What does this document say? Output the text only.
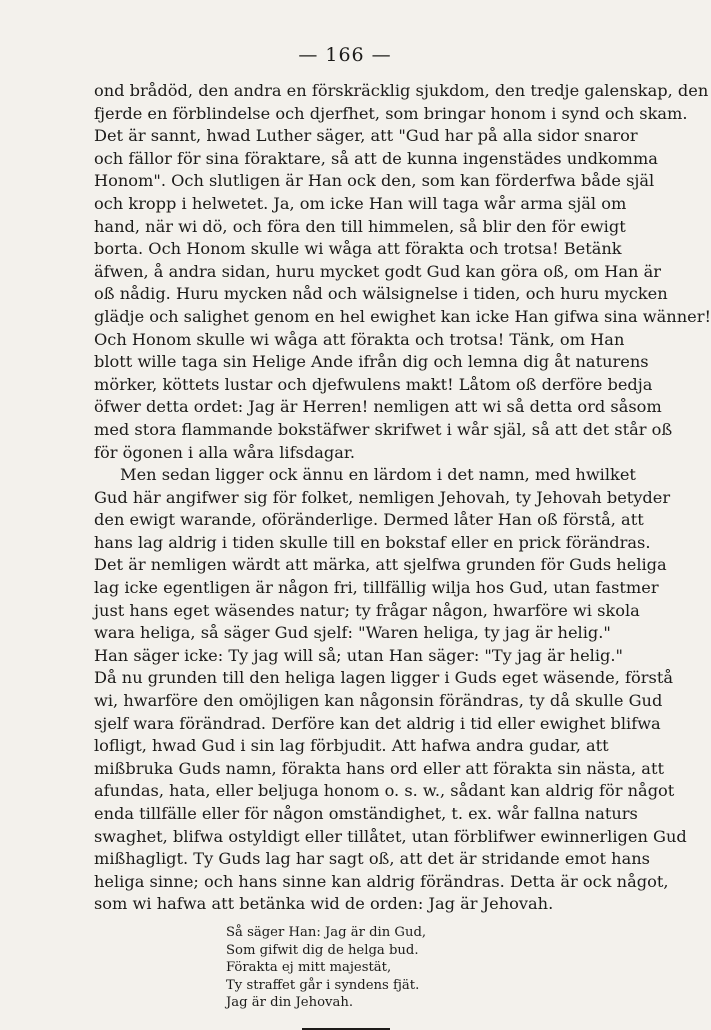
— 166 —
ond brådöd, den andra en förskräcklig sjukdom, den tredje galenskap, den
fjerde en förblindelse och djerfhet, som bringar honom i synd och skam.
Det är sannt, hwad Luther säger, att "Gud har på alla sidor snaror
och fällor för sina föraktare, så att de kunna ingenstädes undkomma
Honom". Och slutligen är Han ock den, som kan förderfwa både själ
och kropp i helwetet. Ja, om icke Han will taga wår arma själ om
hand, när wi dö, och föra den till himmelen, så blir den för ewigt
borta. Och Honom skulle wi wåga att förakta och trotsa! Betänk
äfwen, å andra sidan, huru mycket godt Gud kan göra oß, om Han är
oß nådig. Huru mycken nåd och wälsignelse i tiden, och huru mycken
glädje och salighet genom en hel ewighet kan icke Han gifwa sina wänner!
Och Honom skulle wi wåga att förakta och trotsa! Tänk, om Han
blott wille taga sin Helige Ande ifrån dig och lemna dig åt naturens
mörker, köttets lustar och djefwulens makt! Låtom oß derföre bedja
öfwer detta ordet: Jag är Herren! nemligen att wi så detta ord såsom
med stora flammande bokstäfwer skrifwet i wår själ, så att det står oß
för ögonen i alla wåra lifsdagar.
Men sedan ligger ock ännu en lärdom i det namn, med hwilket
Gud här angifwer sig för folket, nemligen Jehovah, ty Jehovah betyder
den ewigt warande, oföränderlige. Dermed låter Han oß förstå, att
hans lag aldrig i tiden skulle till en bokstaf eller en prick förändras.
Det är nemligen wärdt att märka, att sjelfwa grunden för Guds heliga
lag icke egentligen är någon fri, tillfällig wilja hos Gud, utan fastmer
just hans eget wäsendes natur; ty frågar någon, hwarföre wi skola
wara heliga, så säger Gud sjelf: "Waren heliga, ty jag är helig."
Han säger icke: Ty jag will så; utan Han säger: "Ty jag är helig."
Då nu grunden till den heliga lagen ligger i Guds eget wäsende, förstå
wi, hwarföre den omöjligen kan någonsin förändras, ty då skulle Gud
sjelf wara förändrad. Derföre kan det aldrig i tid eller ewighet blifwa
lofligt, hwad Gud i sin lag förbjudit. Att hafwa andra gudar, att
mißbruka Guds namn, förakta hans ord eller att förakta sin nästa, att
afundas, hata, eller beljuga honom o. s. w., sådant kan aldrig för något
enda tillfälle eller för någon omständighet, t. ex. wår fallna naturs
swaghet, blifwa ostyldigt eller tillåtet, utan förblifwer ewinnerligen Gud
mißhagligt. Ty Guds lag har sagt oß, att det är stridande emot hans
heliga sinne; och hans sinne kan aldrig förändras. Detta är ock något,
som wi hafwa att betänka wid de orden: Jag är Jehovah.
Så säger Han: Jag är din Gud,
Som gifwit dig de helga bud.
Förakta ej mitt majestät,
Ty straffet går i syndens fjät.
Jag är din Jehovah.
